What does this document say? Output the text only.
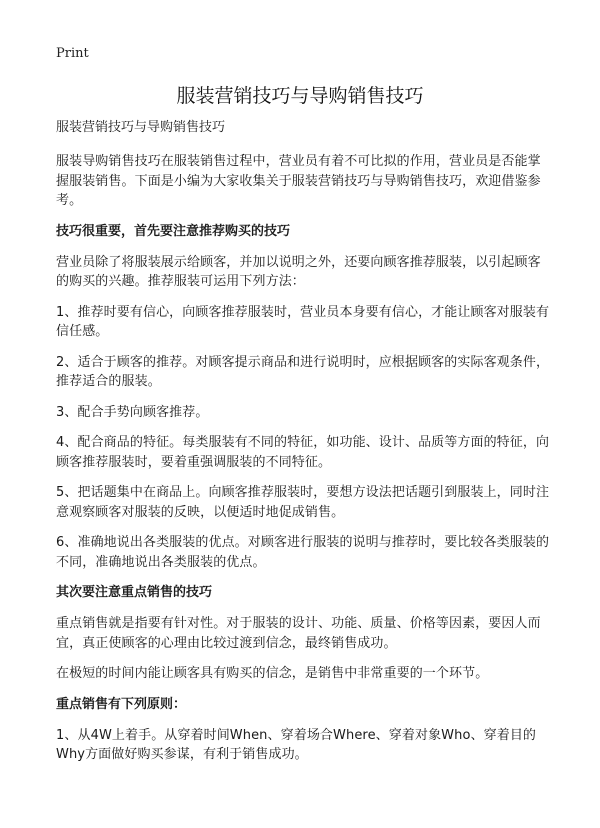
Print
服装营销技巧与导购销售技巧

服装营销技巧与导购销售技巧

服装导购销售技巧在服装销售过程中，营业员有着不可比拟的作用，营业员是否能掌握服装销售。下面是小编为大家收集关于服装营销技巧与导购销售技巧，欢迎借鉴参考。

技巧很重要，首先要注意推荐购买的技巧

营业员除了将服装展示给顾客，并加以说明之外，还要向顾客推荐服装，以引起顾客的购买的兴趣。推荐服装可运用下列方法：

1、推荐时要有信心，向顾客推荐服装时，营业员本身要有信心，才能让顾客对服装有信任感。

2、适合于顾客的推荐。对顾客提示商品和进行说明时，应根据顾客的实际客观条件，推荐适合的服装。

3、配合手势向顾客推荐。

4、配合商品的特征。每类服装有不同的特征，如功能、设计、品质等方面的特征，向顾客推荐服装时，要着重强调服装的不同特征。

5、把话题集中在商品上。向顾客推荐服装时，要想方设法把话题引到服装上，同时注意观察顾客对服装的反映，以便适时地促成销售。

6、准确地说出各类服装的优点。对顾客进行服装的说明与推荐时，要比较各类服装的不同，准确地说出各类服装的优点。

其次要注意重点销售的技巧

重点销售就是指要有针对性。对于服装的设计、功能、质量、价格等因素，要因人而宜，真正使顾客的心理由比较过渡到信念，最终销售成功。

在极短的时间内能让顾客具有购买的信念，是销售中非常重要的一个环节。

重点销售有下列原则：

1、从4W上着手。从穿着时间When、穿着场合Where、穿着对象Who、穿着目的Why方面做好购买参谋，有利于销售成功。
